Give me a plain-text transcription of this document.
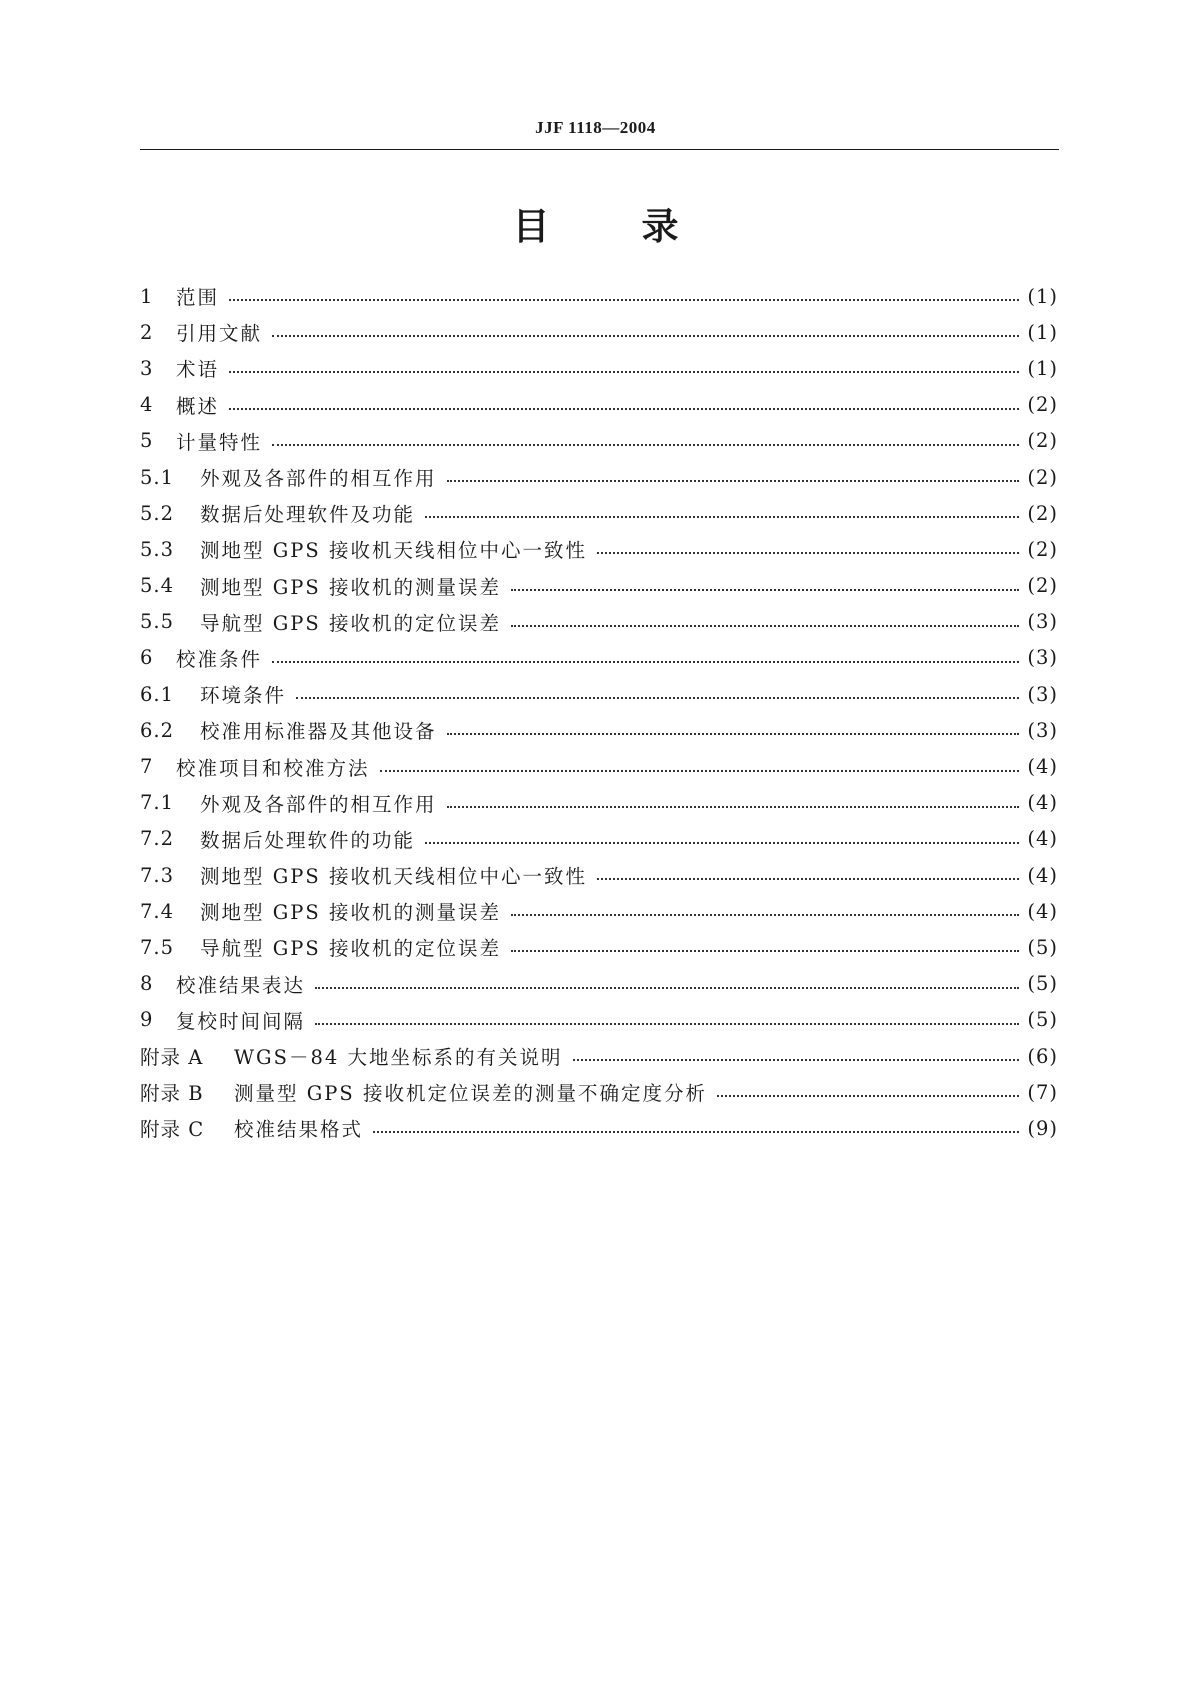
JJF 1118—2004
目 录
1	范围	(1)
2	引用文献	(1)
3	术语	(1)
4	概述	(2)
5	计量特性	(2)
5.1	外观及各部件的相互作用	(2)
5.2	数据后处理软件及功能	(2)
5.3	测地型 GPS 接收机天线相位中心一致性	(2)
5.4	测地型 GPS 接收机的测量误差	(2)
5.5	导航型 GPS 接收机的定位误差	(3)
6	校准条件	(3)
6.1	环境条件	(3)
6.2	校准用标准器及其他设备	(3)
7	校准项目和校准方法	(4)
7.1	外观及各部件的相互作用	(4)
7.2	数据后处理软件的功能	(4)
7.3	测地型 GPS 接收机天线相位中心一致性	(4)
7.4	测地型 GPS 接收机的测量误差	(4)
7.5	导航型 GPS 接收机的定位误差	(5)
8	校准结果表达	(5)
9	复校时间间隔	(5)
附录 A	WGS－84 大地坐标系的有关说明	(6)
附录 B	测量型 GPS 接收机定位误差的测量不确定度分析	(7)
附录 C	校准结果格式	(9)
